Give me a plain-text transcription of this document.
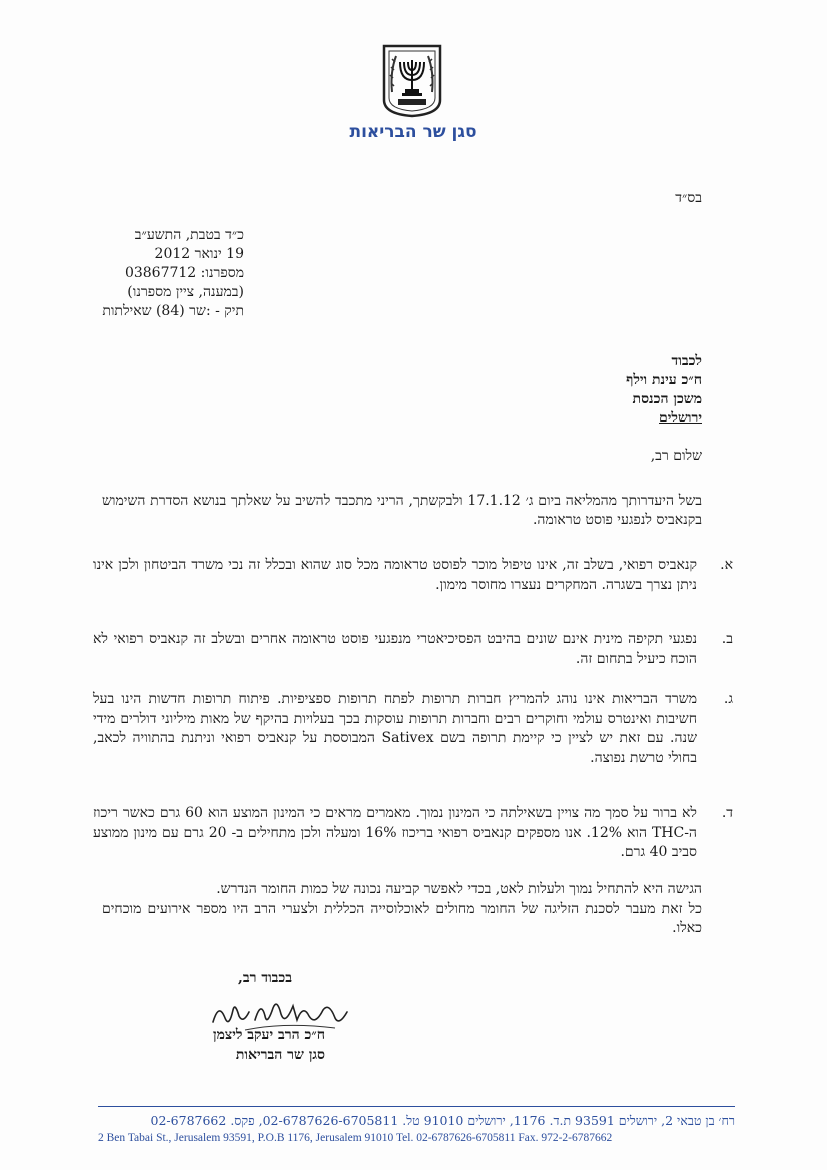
סגן שר הבריאות
בס״ד
כ״ד בטבת, התשע״ב
19 ינואר 2012
מספרנו: 03867712
(במענה, ציין מספרנו)
תיק - :שר (84) שאילתות
לכבוד
ח״כ עינת וילף
משכן הכנסת
ירושלים
שלום רב,
בשל היעדרותך מהמליאה ביום ג׳ 17.1.12 ולבקשתך, הריני מתכבד להשיב על שאלתך בנושא הסדרת השימוש בקנאביס לנפגעי פוסט טראומה.
א.
קנאביס רפואי, בשלב זה, אינו טיפול מוכר לפוסט טראומה מכל סוג שהוא ובכלל זה נכי משרד הביטחון ולכן אינו ניתן נצרך בשגרה. המחקרים נעצרו מחוסר מימון.
ב.
נפגעי תקיפה מינית אינם שונים בהיבט הפסיכיאטרי מנפגעי פוסט טראומה אחרים ובשלב זה קנאביס רפואי לא הוכח כיעיל בתחום זה.
ג.
משרד הבריאות אינו נוהג להמריץ חברות תרופות לפתח תרופות ספציפיות. פיתוח תרופות חדשות הינו בעל חשיבות ואינטרס עולמי וחוקרים רבים וחברות תרופות עוסקות בכך בעלויות בהיקף של מאות מיליוני דולרים מידי שנה. עם זאת יש לציין כי קיימת תרופה בשם Sativex המבוססת על קנאביס רפואי וניתנת בהתוויה לכאב, בחולי טרשת נפוצה.
ד.
לא ברור על סמך מה צויין בשאילתה כי המינון נמוך. מאמרים מראים כי המינון המוצע הוא 60 גרם כאשר ריכוז ה-THC הוא 12%. אנו מספקים קנאביס רפואי בריכוז 16% ומעלה ולכן מתחילים ב- 20 גרם עם מינון ממוצע סביב 40 גרם.

הגישה היא להתחיל נמוך ולעלות לאט, בכדי לאפשר קביעה נכונה של כמות החומר הנדרש.

כל זאת מעבר לסכנת הזליגה של החומר מחולים לאוכלוסייה הכללית ולצערי הרב היו מספר אירועים מוכחים כאלו.

בכבוד רב,
ח״כ הרב יעקב ליצמן
סגן שר הבריאות
רח׳ בן טבאי 2, ירושלים 93591 ת.ד. 1176, ירושלים 91010 טל. 02-6787626-6705811, פקס. 02-6787662
2 Ben Tabai St., Jerusalem 93591, P.O.B 1176, Jerusalem 91010 Tel. 02-6787626-6705811 Fax. 972-2-6787662
